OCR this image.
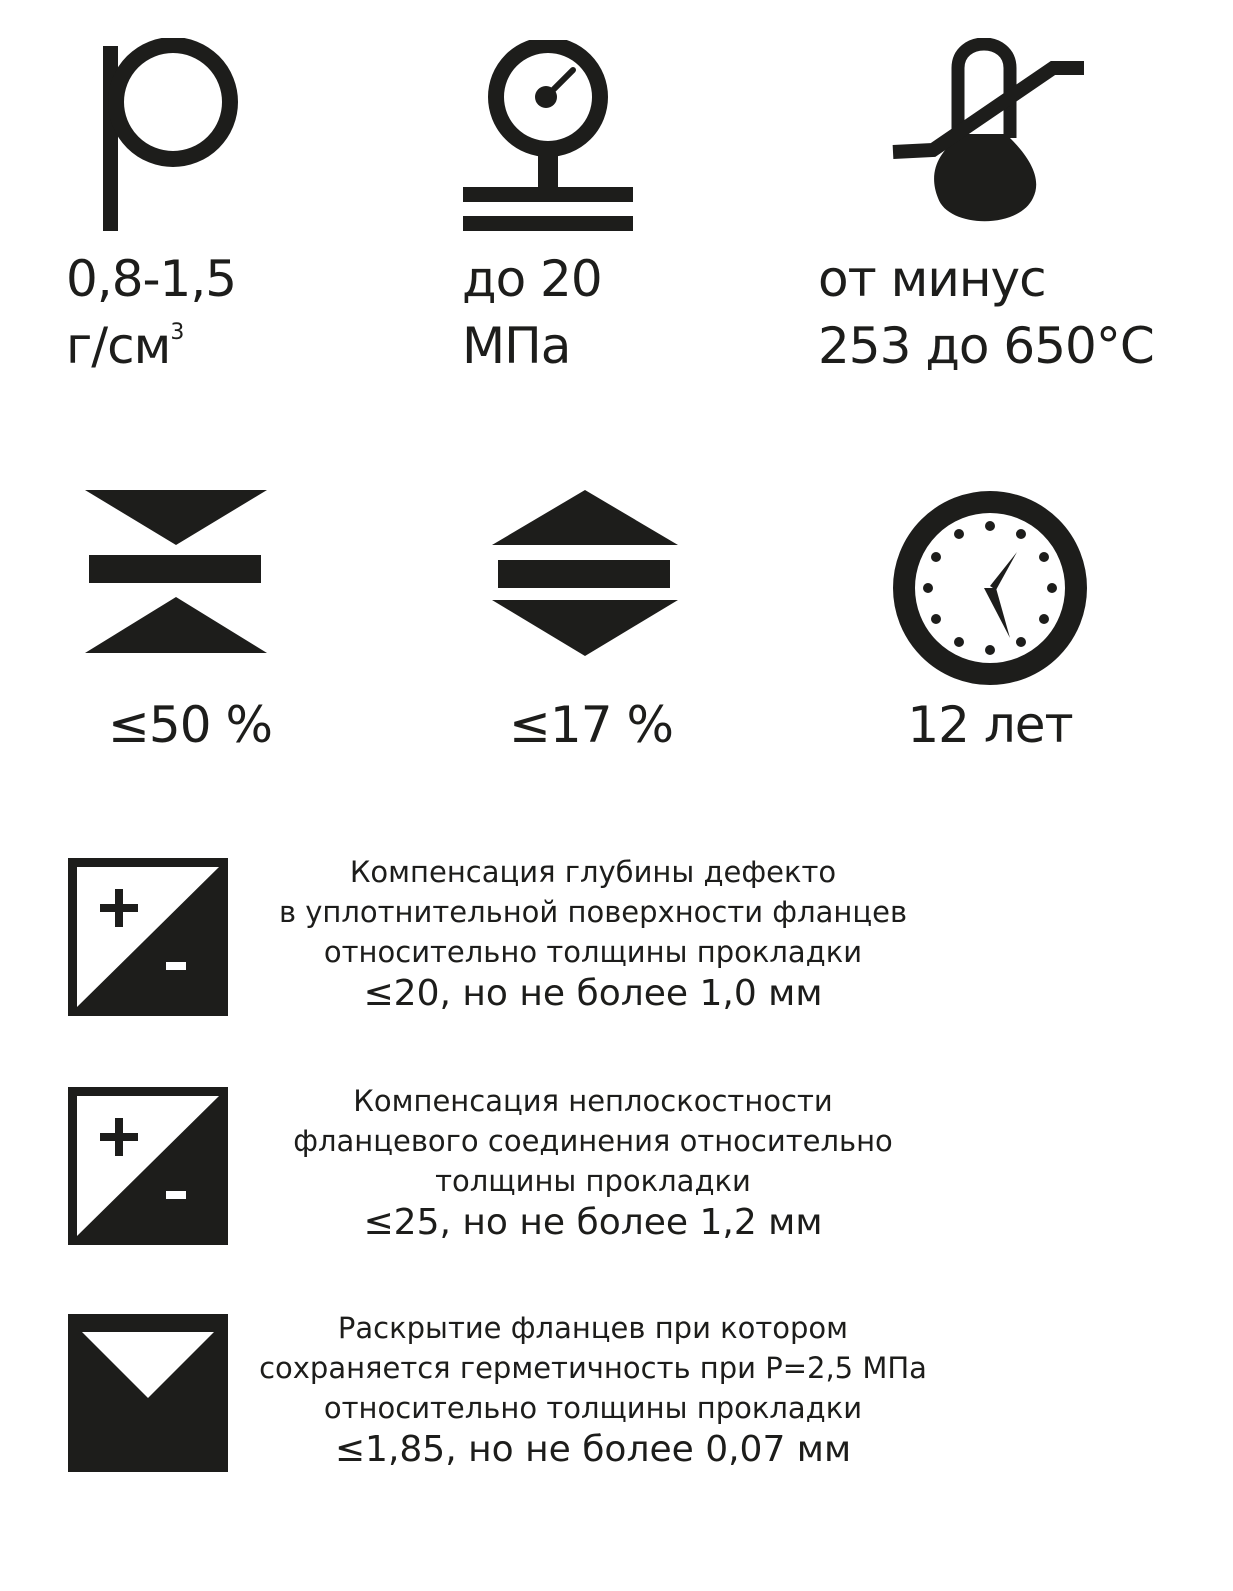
0,8-1,5
$г/см^3$
до 20
МПа
от минус
253 до 650°С
≤50 %	≤17 %	12 лет
Компенсация глубины дефекто
в уплотнительной поверхности фланцев
относительно толщины прокладки
≤20, но не более 1,0 мм
Компенсация неплоскостности
фланцевого соединения относительно
толщины прокладки
≤25, но не более 1,2 мм
Раскрытие фланцев при котором
сохраняется герметичность при Р=2,5 МПа
относительно толщины прокладки
≤1,85, но не более 0,07 мм
